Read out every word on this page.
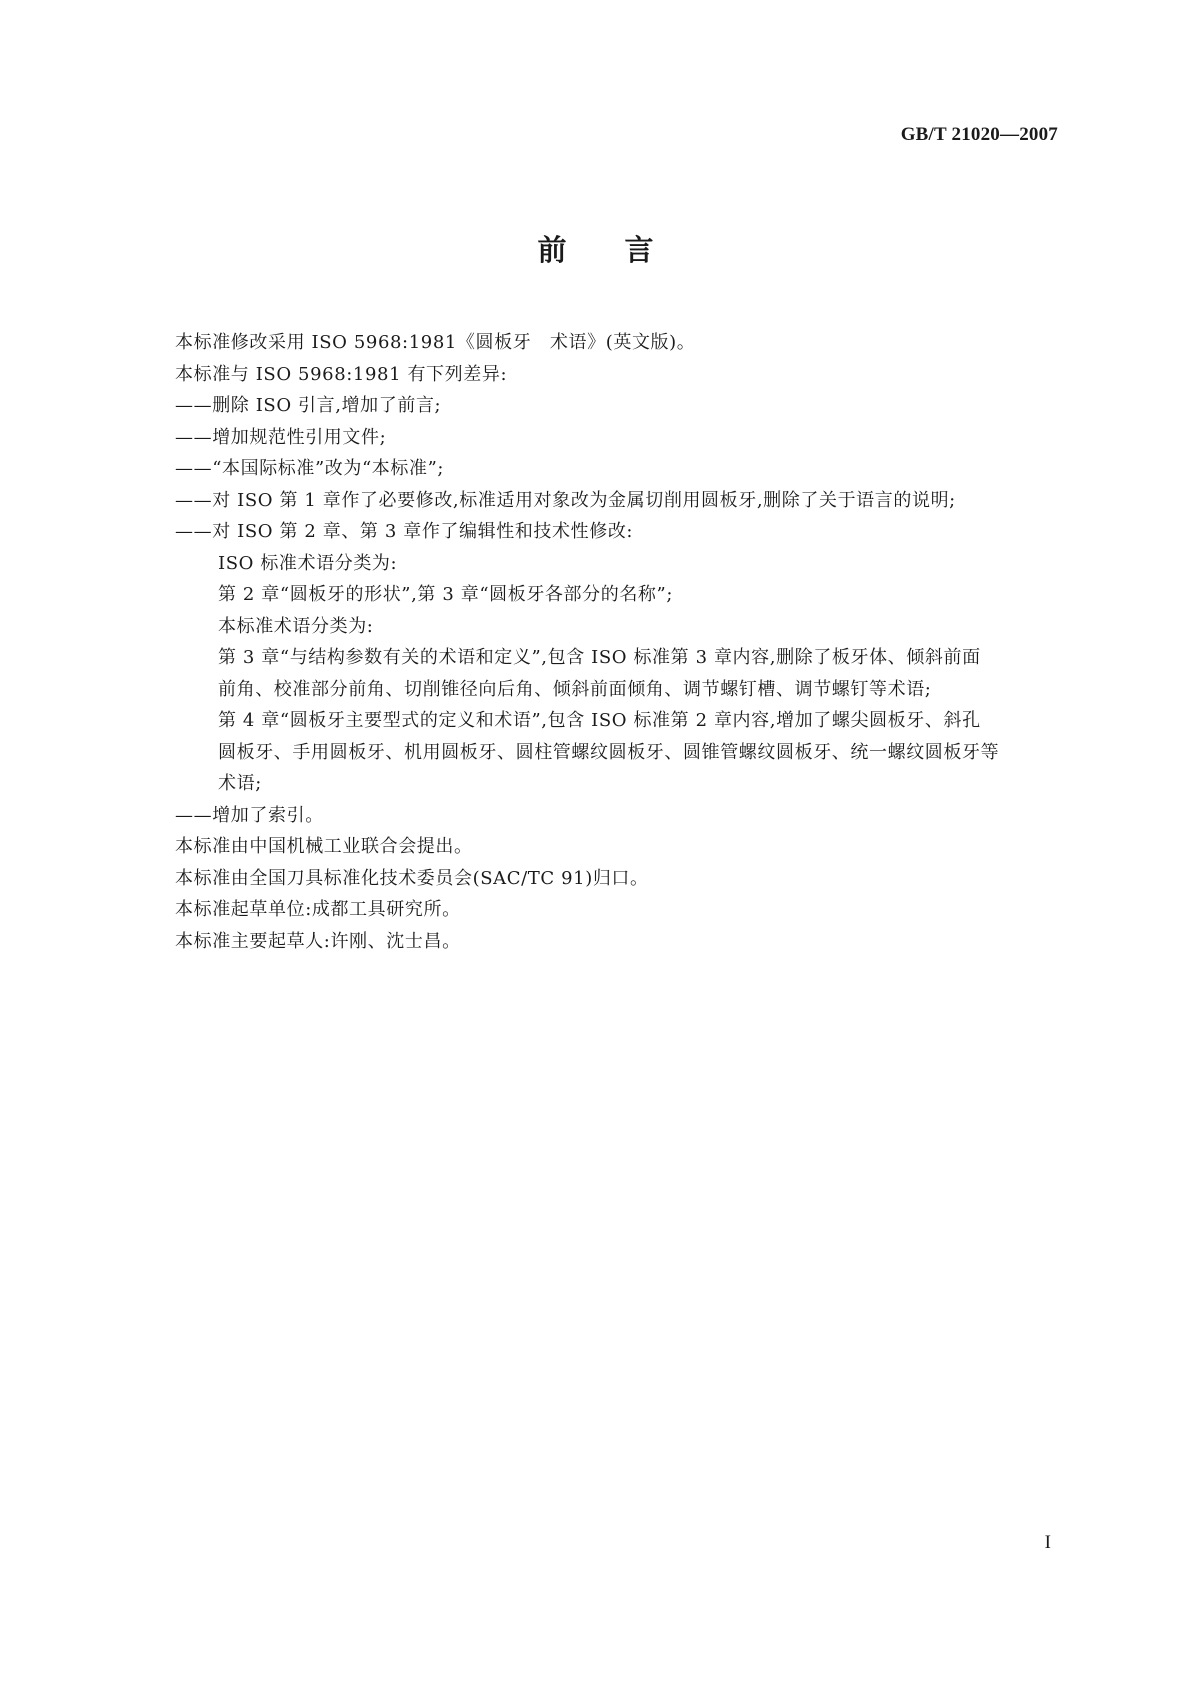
GB/T 21020—2007
前言
本标准修改采用 ISO 5968:1981《圆板牙　术语》(英文版)。
本标准与 ISO 5968:1981 有下列差异:
——删除 ISO 引言,增加了前言;
——增加规范性引用文件;
——“本国际标准”改为“本标准”;
——对 ISO 第 1 章作了必要修改,标准适用对象改为金属切削用圆板牙,删除了关于语言的说明;
——对 ISO 第 2 章、第 3 章作了编辑性和技术性修改:
ISO 标准术语分类为:
第 2 章“圆板牙的形状”,第 3 章“圆板牙各部分的名称”;
本标准术语分类为:
第 3 章“与结构参数有关的术语和定义”,包含 ISO 标准第 3 章内容,删除了板牙体、倾斜前面
前角、校准部分前角、切削锥径向后角、倾斜前面倾角、调节螺钉槽、调节螺钉等术语;
第 4 章“圆板牙主要型式的定义和术语”,包含 ISO 标准第 2 章内容,增加了螺尖圆板牙、斜孔
圆板牙、手用圆板牙、机用圆板牙、圆柱管螺纹圆板牙、圆锥管螺纹圆板牙、统一螺纹圆板牙等
术语;
——增加了索引。
本标准由中国机械工业联合会提出。
本标准由全国刀具标准化技术委员会(SAC/TC 91)归口。
本标准起草单位:成都工具研究所。
本标准主要起草人:许刚、沈士昌。
I
